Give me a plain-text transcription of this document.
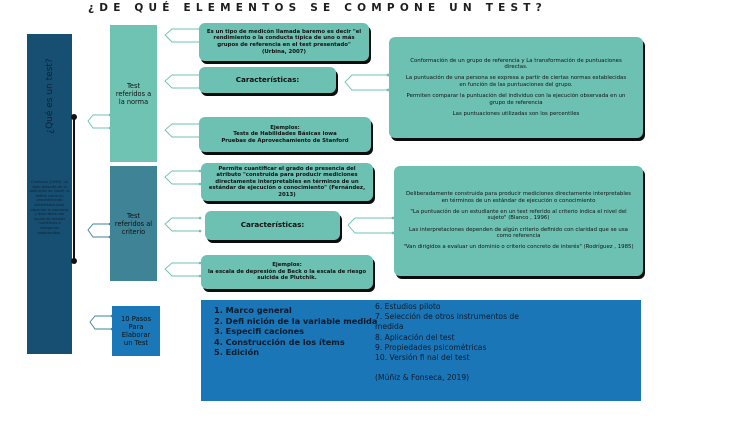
¿DE QUÉ ELEMENTOS SE COMPONE UN TEST?
¿Qué es un test?
Cronbach (1990), un siglo después de la definición de Catell, lo define como un procedimiento sistemático para observar la conducta y describirla con ayuda de escalas numéricas o categorías establecidas.
Test referidos a la norma
Test referidos al criterio
10 Pasos Para Elaborar un Test
Es un tipo de medicón llamada baremo es decir "el rendimiento o la conducta típica de uno o más grupos de referencia en el test presentado" (Urbina, 2007)
Características:
Ejemplos:
Tests de Habilidades Básicas Iowa
Pruebas de Aprovechamiento de Stanford

Conformación de un grupo de referencia y La transformación de puntuaciones directas.

La puntuación de una persona se expresa a partir de ciertas normas establecidas en función de las puntuaciones del grupo.

Permiten comparar la puntuación del individuo con la ejecución observada en un grupo de referencia

Las puntuaciones utilizadas son los percentiles

Permite cuantificar el grado de presencia del atributo "construida para producir mediciones directamente interpretables en términos de un estándar de ejecución o conocimiento" (Fernández, 2013)
Características:
Ejemplos:
la escala de depresión de Beck o la escala de riesgo suicida de Plutchik.

Deliberadamente construida para producir mediciones directamente interpretables en términos de un estándar de ejecución o conocimiento

"La puntuación de un estudiante en un test referido al criterio indica el nivel del sujeto" (Blanco , 1996)

Las interpretaciones dependen de algún criterio definido con claridad que se usa como referencia

"Van dirigidos a evaluar un dominio o criterio concreto de interés" (Rodríguez , 1985)

1. Marco general
2. Defi nición de la variable medida
3. Especifi caciones
4. Construcción de los ítems
5. Edición
6. Estudios piloto
7. Selección de otros instrumentos de medida
8. Aplicación del test
9. Propiedades psicométricas
10. Versión fi nal del test
(Múñiz & Fonseca, 2019)
